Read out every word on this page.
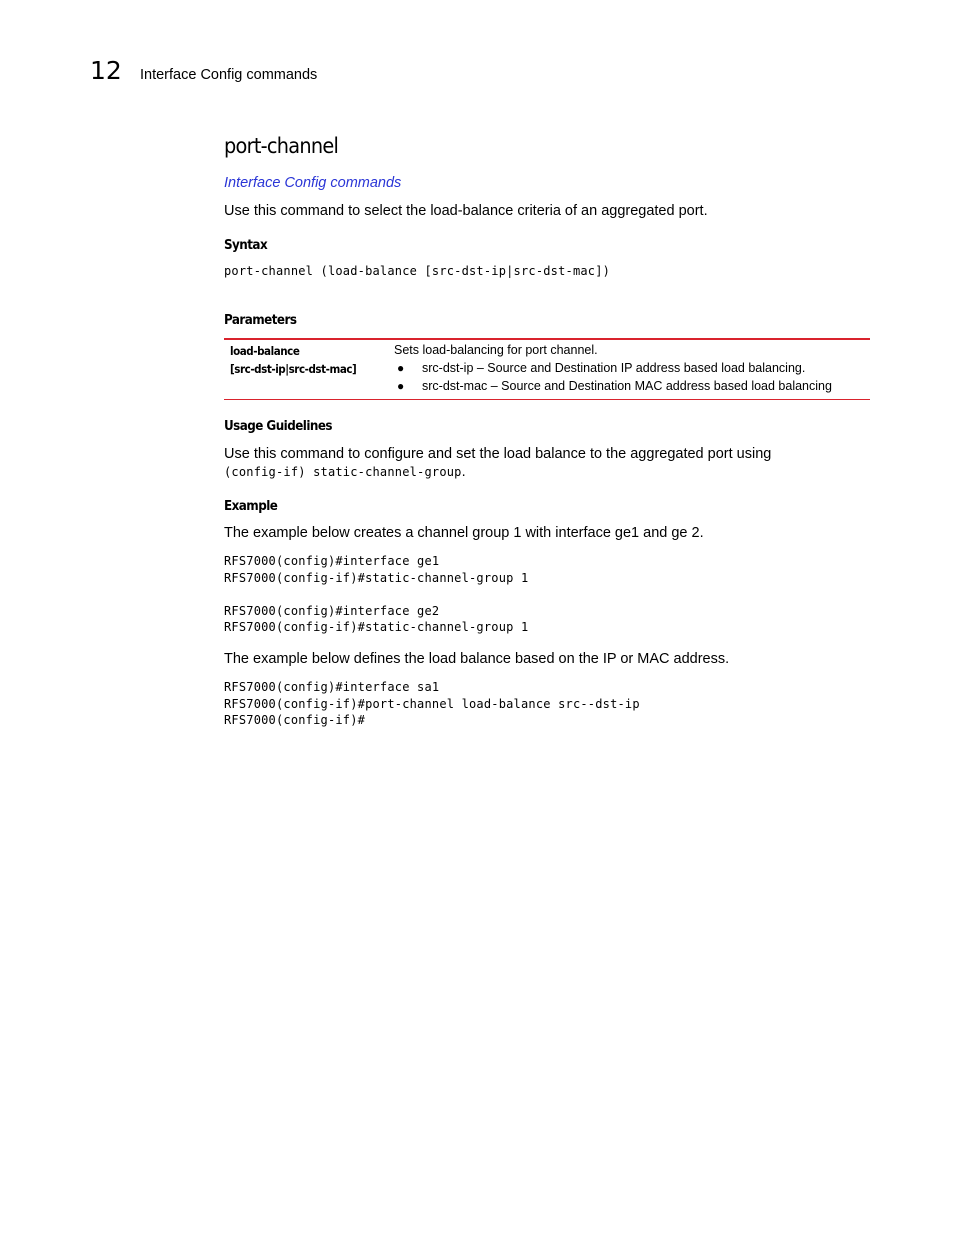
12 Interface Config commands
port-channel
Interface Config commands
Use this command to select the load-balance criteria of an aggregated port.
Syntax
port-channel (load-balance [src-dst-ip|src-dst-mac])
Parameters
load-balance
[src-dst-ip|src-dst-mac]
Sets load-balancing for port channel.
● src-dst-ip – Source and Destination IP address based load balancing.
● src-dst-mac – Source and Destination MAC address based load balancing
Usage Guidelines
Use this command to configure and set the load balance to the aggregated port using
(config-if) static-channel-group.
Example
The example below creates a channel group 1 with interface ge1 and ge 2.
RFS7000(config)#interface ge1
RFS7000(config-if)#static-channel-group 1

RFS7000(config)#interface ge2
RFS7000(config-if)#static-channel-group 1
The example below defines the load balance based on the IP or MAC address.
RFS7000(config)#interface sa1
RFS7000(config-if)#port-channel load-balance src--dst-ip
RFS7000(config-if)#
